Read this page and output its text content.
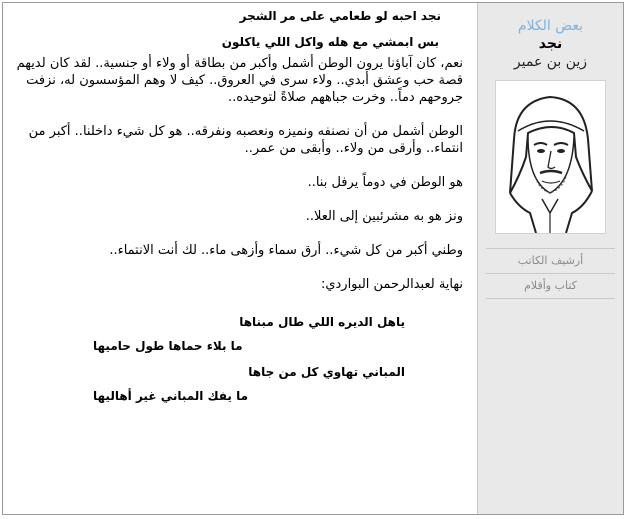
نجد احبه لو طعامي على مر الشجر

بس ابمشي مع هله واكل اللي ياكلون

نعم، كان آباؤنا يرون الوطن أشمل وأكبر من بطاقة أو ولاء أو جنسية.. لقد كان لديهم قصة حب وعشق أبدي.. ولاء سرى في العروق.. كيف لا وهم المؤسسون له، نزفت جروحهم دماً.. وخرت جباههم صلاةً لتوحيده..

الوطن أشمل من أن نصنفه ونميزه ونعصبه ونفرقه.. هو كل شيء داخلنا.. أكبر من انتماء.. وأرقى من ولاء.. وأبقى من عمر..

هو الوطن في دوماً يرفل بنا..

ونز هو به مشرئبين إلى العلا..

وطني أكبر من كل شيء.. أرق سماء وأزهى ماء.. لك أنت الانتماء..

نهاية لعبدالرحمن البواردي:

ياهل الديره اللي طال مبناها
ما بلاء حماها طول حاميها
المباني تهاوي كل من جاها
ما يفك المباني غير أهاليها
بعض الكلام
نجد
زين بن عمير
أرشيف الكاتب
كتاب وأقلام
